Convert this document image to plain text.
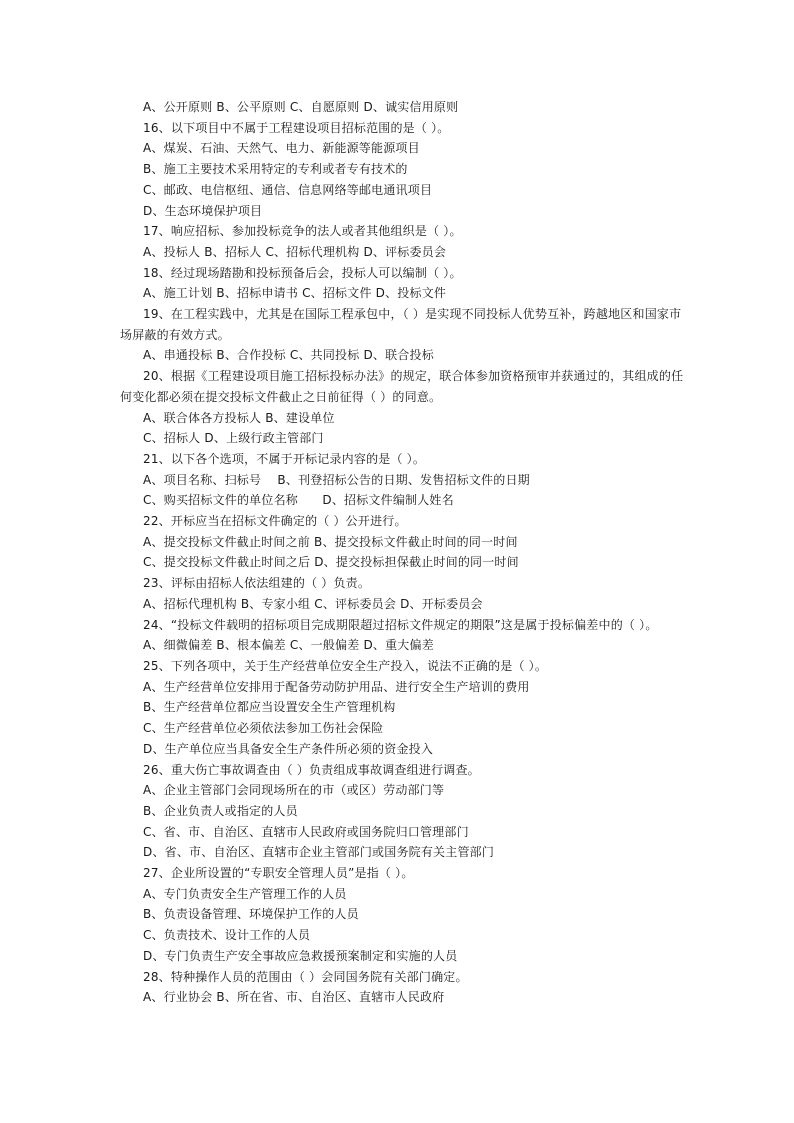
A、公开原则 B、公平原则 C、自愿原则 D、诚实信用原则
16、以下项目中不属于工程建设项目招标范围的是（ ）。
A、煤炭、石油、天然气、电力、新能源等能源项目
B、施工主要技术采用特定的专利或者专有技术的
C、邮政、电信枢纽、通信、信息网络等邮电通讯项目
D、生态环境保护项目
17、响应招标、参加投标竞争的法人或者其他组织是（ ）。
A、投标人 B、招标人 C、招标代理机构 D、评标委员会
18、经过现场踏勘和投标预备后会，投标人可以编制（ ）。
A、施工计划 B、招标申请书 C、招标文件 D、投标文件
19、在工程实践中，尤其是在国际工程承包中，（ ）是实现不同投标人优势互补，跨越地区和国家市
场屏蔽的有效方式。
A、串通投标 B、合作投标 C、共同投标 D、联合投标
20、根据《工程建设项目施工招标投标办法》的规定，联合体参加资格预审并获通过的，其组成的任
何变化都必须在提交投标文件截止之日前征得（ ）的同意。
A、联合体各方投标人 B、建设单位
C、招标人 D、上级行政主管部门
21、以下各个选项，不属于开标记录内容的是（ ）。
A、项目名称、扫标号　 B、刊登招标公告的日期、发售招标文件的日期
C、购买招标文件的单位名称　　D、招标文件编制人姓名
22、开标应当在招标文件确定的（ ）公开进行。
A、提交投标文件截止时间之前 B、提交投标文件截止时间的同一时间
C、提交投标文件截止时间之后 D、提交投标担保截止时间的同一时间
23、评标由招标人依法组建的（ ）负责。
A、招标代理机构 B、专家小组 C、评标委员会 D、开标委员会
24、“投标文件载明的招标项目完成期限超过招标文件规定的期限”这是属于投标偏差中的（ ）。
A、细微偏差 B、根本偏差 C、一般偏差 D、重大偏差
25、下列各项中，关于生产经营单位安全生产投入，说法不正确的是（ ）。
A、生产经营单位安排用于配备劳动防护用品、进行安全生产培训的费用
B、生产经营单位都应当设置安全生产管理机构
C、生产经营单位必须依法参加工伤社会保险
D、生产单位应当具备安全生产条件所必须的资金投入
26、重大伤亡事故调查由（ ）负责组成事故调查组进行调查。
A、企业主管部门会同现场所在的市（或区）劳动部门等
B、企业负责人或指定的人员
C、省、市、自治区、直辖市人民政府或国务院归口管理部门
D、省、市、自治区、直辖市企业主管部门或国务院有关主管部门
27、企业所设置的“专职安全管理人员”是指（ ）。
A、专门负责安全生产管理工作的人员
B、负责设备管理、环境保护工作的人员
C、负责技术、设计工作的人员
D、专门负责生产安全事故应急救援预案制定和实施的人员
28、特种操作人员的范围由（ ）会同国务院有关部门确定。
A、行业协会 B、所在省、市、自治区、直辖市人民政府
